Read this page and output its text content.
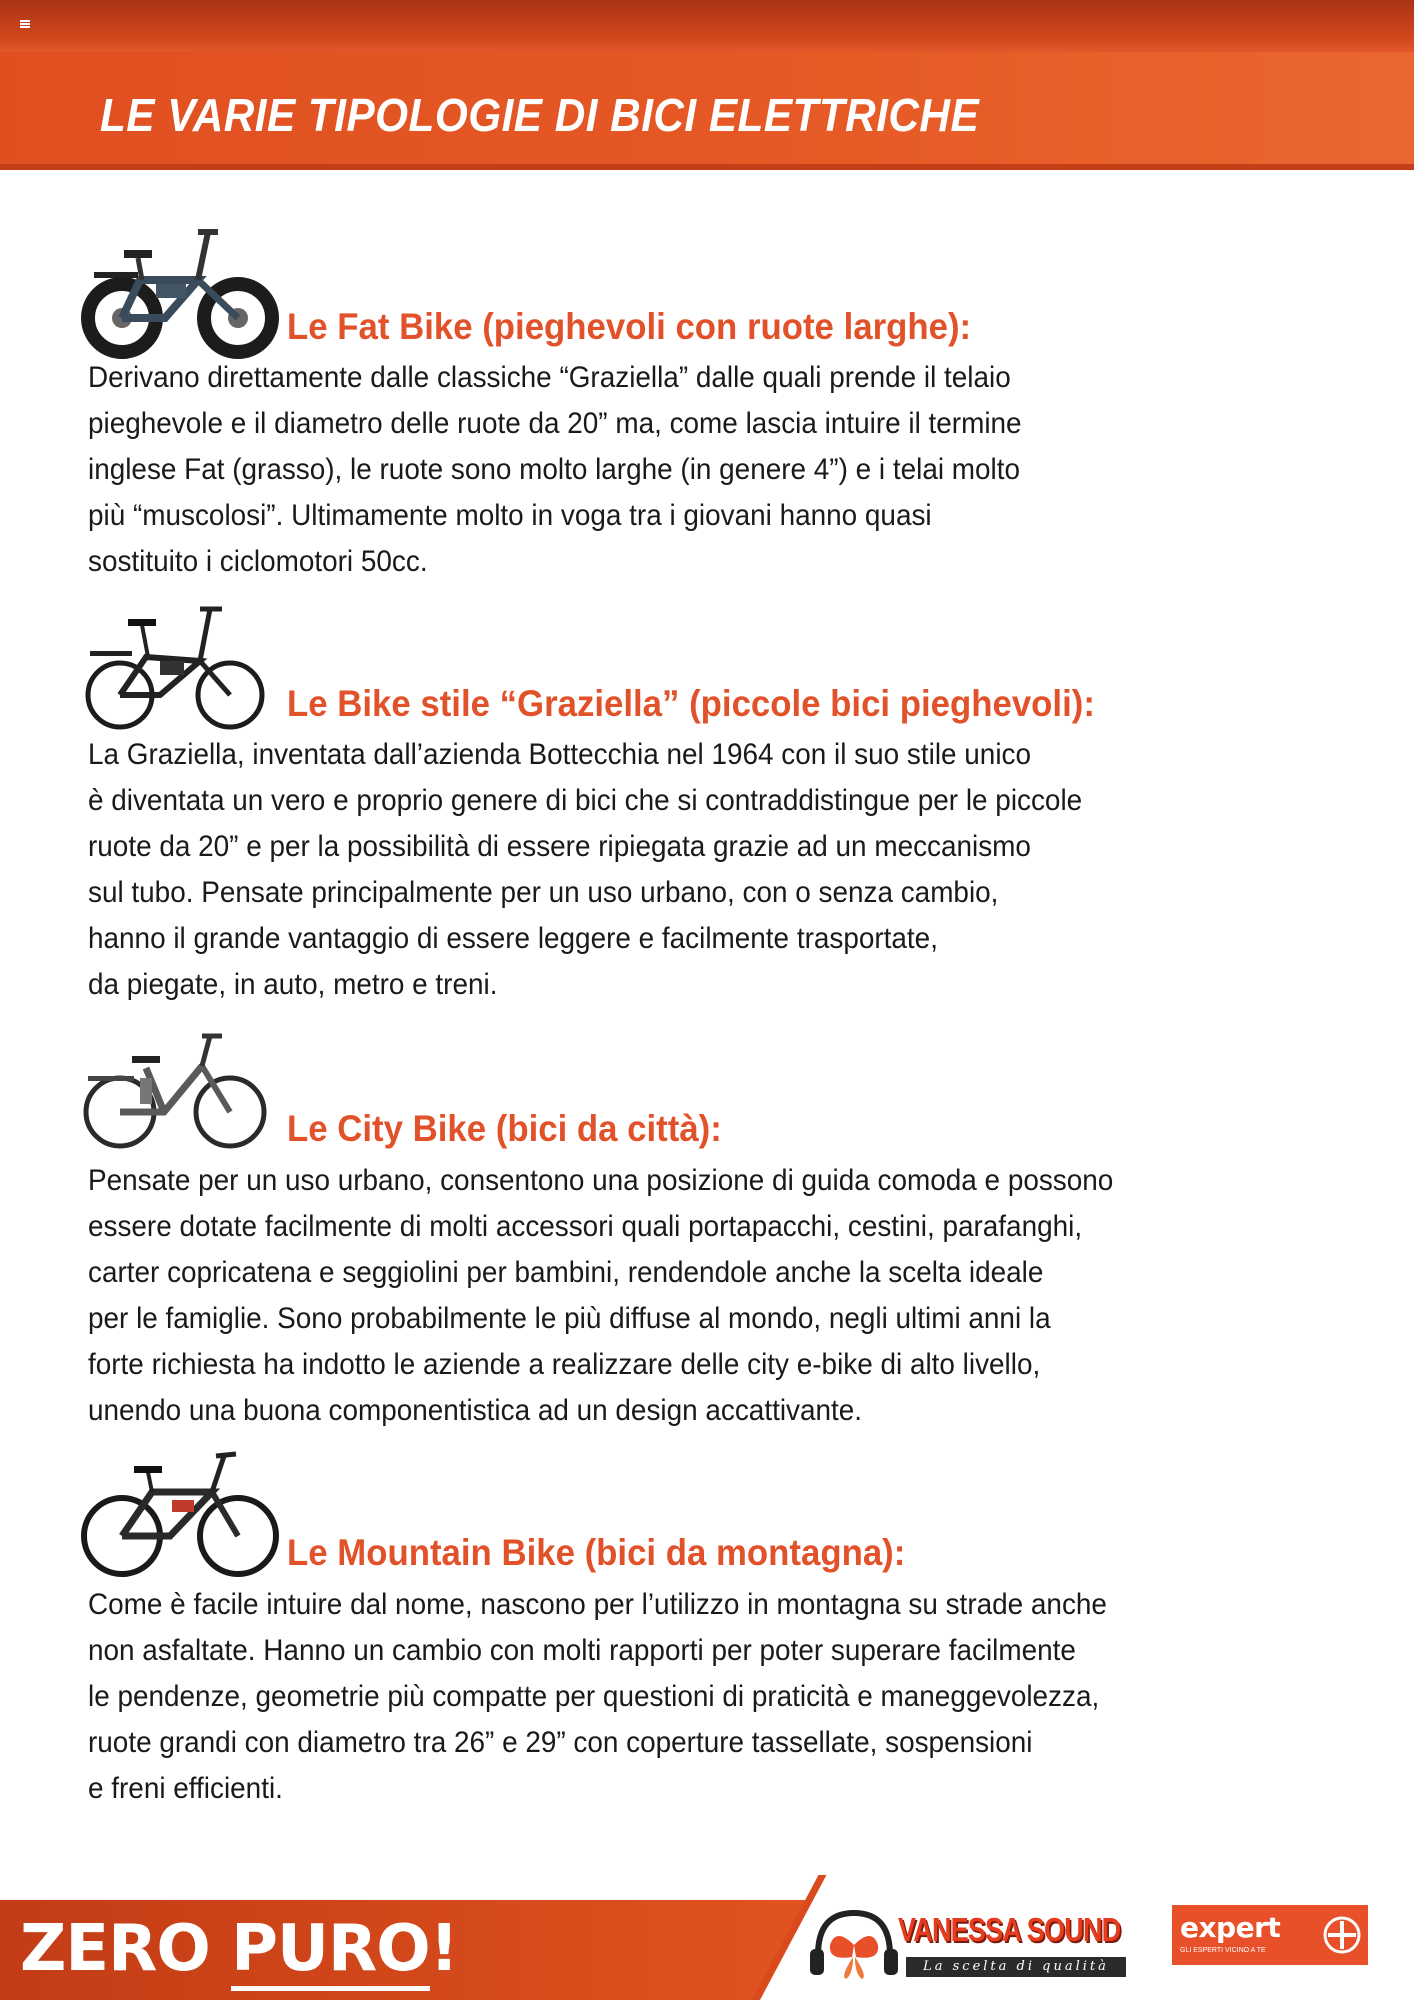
LE VARIE TIPOLOGIE DI BICI ELETTRICHE
Le Fat Bike (pieghevoli con ruote larghe):

Derivano direttamente dalle classiche “Graziella” dalle quali prende il telaio
pieghevole e il diametro delle ruote da 20” ma, come lascia intuire il termine
inglese Fat (grasso), le ruote sono molto larghe (in genere 4”) e i telai molto
più “muscolosi”. Ultimamente molto in voga tra i giovani hanno quasi
sostituito i ciclomotori 50cc.

Le Bike stile “Graziella” (piccole bici pieghevoli):

La Graziella, inventata dall’azienda Bottecchia nel 1964 con il suo stile unico
è diventata un vero e proprio genere di bici che si contraddistingue per le piccole
ruote da 20” e per la possibilità di essere ripiegata grazie ad un meccanismo
sul tubo. Pensate principalmente per un uso urbano, con o senza cambio,
hanno il grande vantaggio di essere leggere e facilmente trasportate,
da piegate, in auto, metro e treni.

Le City Bike (bici da città):

Pensate per un uso urbano, consentono una posizione di guida comoda e possono
essere dotate facilmente di molti accessori quali portapacchi, cestini, parafanghi,
carter copricatena e seggiolini per bambini, rendendole anche la scelta ideale
per le famiglie. Sono probabilmente le più diffuse al mondo, negli ultimi anni la
forte richiesta ha indotto le aziende a realizzare delle city e-bike di alto livello,
unendo una buona componentistica ad un design accattivante.

Le Mountain Bike (bici da montagna):

Come è facile intuire dal nome, nascono per l’utilizzo in montagna su strade anche
non asfaltate. Hanno un cambio con molti rapporti per poter superare facilmente
le pendenze, geometrie più compatte per questioni di praticità e maneggevolezza,
ruote grandi con diametro tra 26” e 29” con coperture tassellate, sospensioni
e freni efficienti.

ZERO PURO!	VANESSA SOUND
La scelta di qualità
expert
GLI ESPERTI VICINO A TE
